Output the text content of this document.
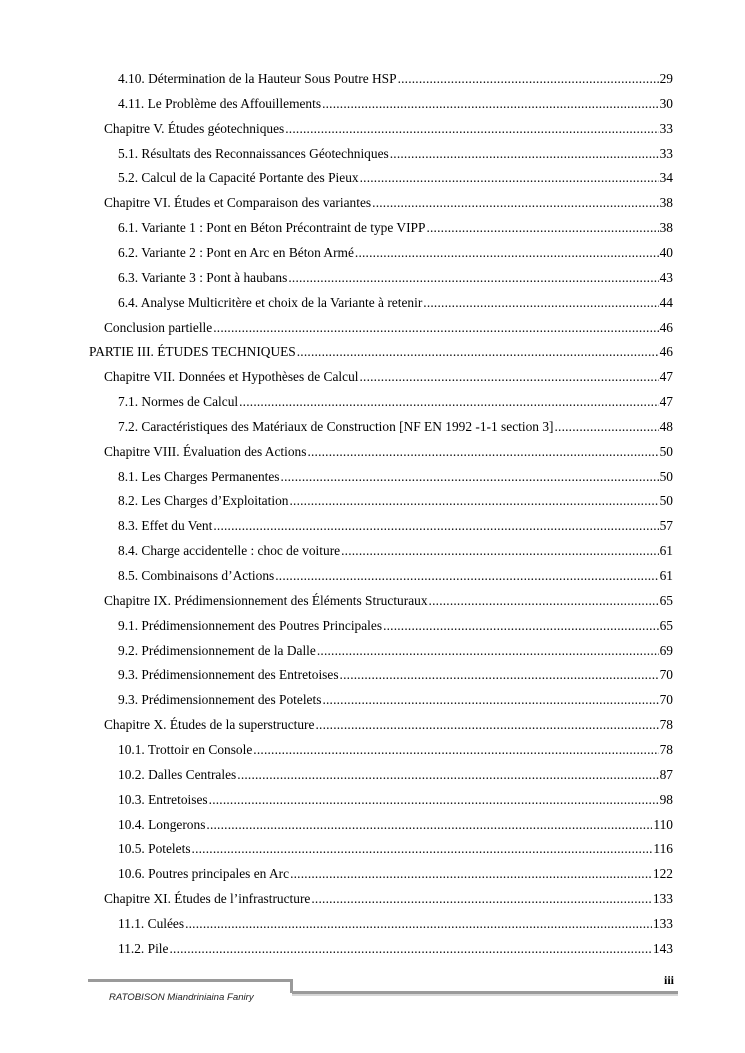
4.10. Détermination de la Hauteur Sous Poutre HSP .....	29
4.11. Le Problème des Affouillements .....	30
Chapitre V. Études géotechniques .....	33
5.1. Résultats des Reconnaissances Géotechniques .....	33
5.2. Calcul de la Capacité Portante des Pieux .....	34
Chapitre VI. Études et Comparaison des variantes .....	38
6.1. Variante 1 : Pont en Béton Précontraint de type VIPP .....	38
6.2. Variante 2 : Pont en Arc en Béton Armé .....	40
6.3. Variante 3 : Pont à haubans .....	43
6.4. Analyse Multicritère et choix de la Variante à retenir .....	44
Conclusion partielle .....	46
PARTIE III. ÉTUDES TECHNIQUES .....	46
Chapitre VII. Données et Hypothèses de Calcul .....	47
7.1. Normes de Calcul .....	47
7.2. Caractéristiques des Matériaux de Construction [NF EN 1992 -1-1 section 3] .....	48
Chapitre VIII. Évaluation des Actions .....	50
8.1. Les Charges Permanentes .....	50
8.2. Les Charges d’Exploitation .....	50
8.3. Effet du Vent .....	57
8.4. Charge accidentelle : choc de voiture .....	61
8.5. Combinaisons d’Actions .....	61
Chapitre IX. Prédimensionnement des Éléments Structuraux .....	65
9.1. Prédimensionnement des Poutres Principales .....	65
9.2. Prédimensionnement de la Dalle .....	69
9.3. Prédimensionnement des Entretoises .....	70
9.3. Prédimensionnement des Potelets .....	70
Chapitre X. Études de la superstructure .....	78
10.1. Trottoir en Console .....	78
10.2. Dalles Centrales .....	87
10.3. Entretoises .....	98
10.4. Longerons .....	110
10.5. Potelets .....	116
10.6. Poutres principales en Arc .....	122
Chapitre XI. Études de l’infrastructure .....	133
11.1. Culées .....	133
11.2. Pile .....	143
iii
RATOBISON Miandriniaina Faniry
